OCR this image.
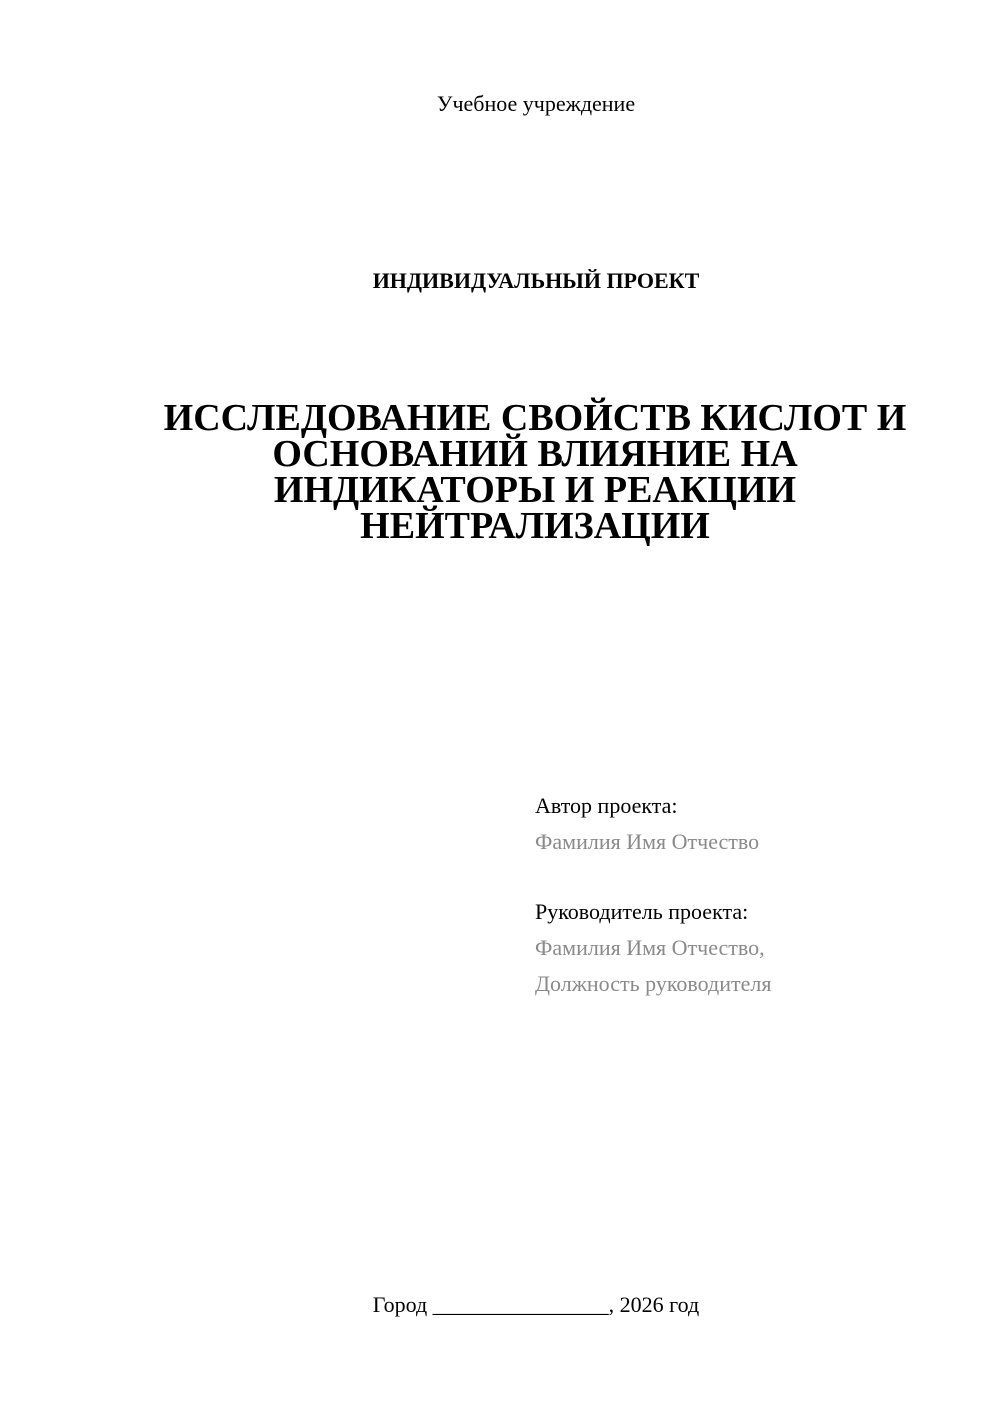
Учебное учреждение
ИНДИВИДУАЛЬНЫЙ ПРОЕКТ
ИССЛЕДОВАНИЕ СВОЙСТВ КИСЛОТ И
ОСНОВАНИЙ ВЛИЯНИЕ НА
ИНДИКАТОРЫ И РЕАКЦИИ
НЕЙТРАЛИЗАЦИИ
Автор проекта:
Фамилия Имя Отчество
Руководитель проекта:
Фамилия Имя Отчество,
Должность руководителя
Город ________________, 2026 год
